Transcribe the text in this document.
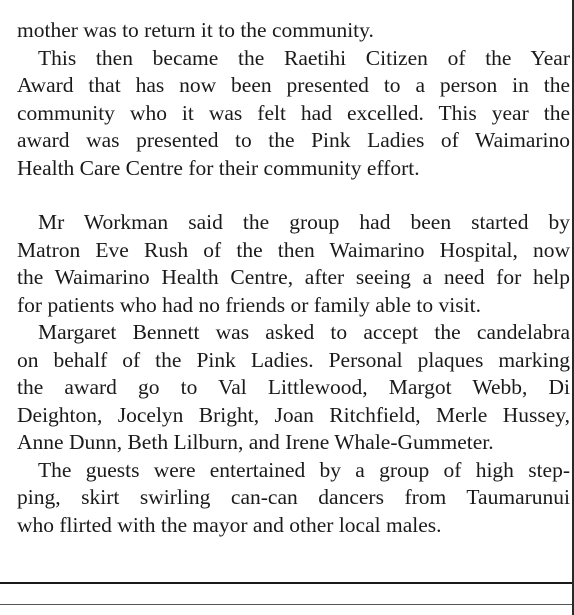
mother was to return it to the community.
This then became the Raetihi Citizen of the Year
Award that has now been presented to a person in the
community who it was felt had excelled. This year the
award was presented to the Pink Ladies of Waimarino
Health Care Centre for their community effort.
Mr Workman said the group had been started by
Matron Eve Rush of the then Waimarino Hospital, now
the Waimarino Health Centre, after seeing a need for help
for patients who had no friends or family able to visit.
Margaret Bennett was asked to accept the candelabra
on behalf of the Pink Ladies. Personal plaques marking
the award go to Val Littlewood, Margot Webb, Di
Deighton, Jocelyn Bright, Joan Ritchfield, Merle Hussey,
Anne Dunn, Beth Lilburn, and Irene Whale-Gummeter.
The guests were entertained by a group of high step-
ping, skirt swirling can-can dancers from Taumarunui
who flirted with the mayor and other local males.
